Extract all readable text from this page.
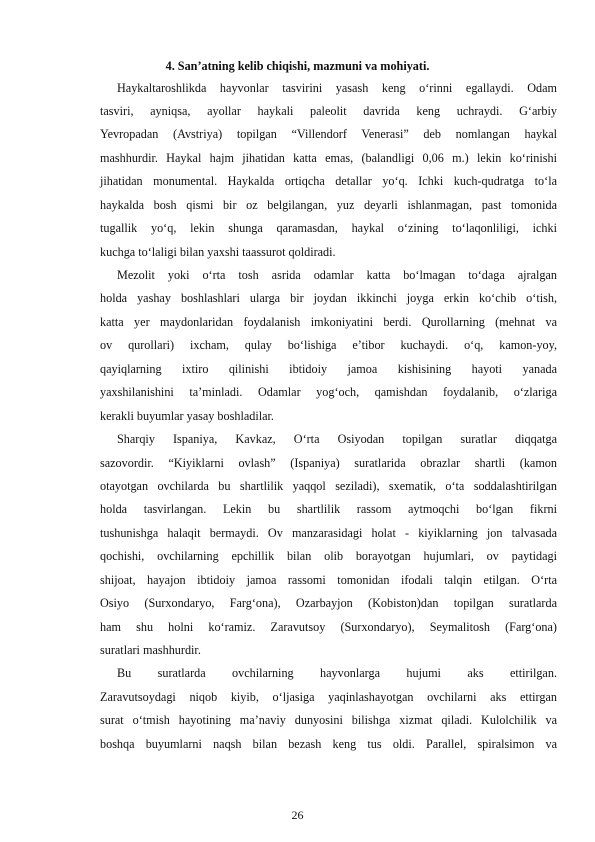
4. San’atning kelib chiqishi, mazmuni va mohiyati.
Haykaltaroshlikda hayvonlar tasvirini yasash keng o‘rinni egallaydi. Odam
tasviri, ayniqsa, ayollar haykali paleolit davrida keng uchraydi. G‘arbiy
Yevropadan (Avstriya) topilgan “Villendorf Venerasi” deb nomlangan haykal
mashhurdir. Haykal hajm jihatidan katta emas, (balandligi 0,06 m.) lekin ko‘rinishi
jihatidan monumental. Haykalda ortiqcha detallar yo‘q. Ichki kuch-qudratga to‘la
haykalda bosh qismi bir oz belgilangan, yuz deyarli ishlanmagan, past tomonida
tugallik yo‘q, lekin shunga qaramasdan, haykal o‘zining to‘laqonliligi, ichki
kuchga to‘laligi bilan yaxshi taassurot qoldiradi.
Mezolit yoki o‘rta tosh asrida odamlar katta bo‘lmagan to‘daga ajralgan
holda yashay boshlashlari ularga bir joydan ikkinchi joyga erkin ko‘chib o‘tish,
katta yer maydonlaridan foydalanish imkoniyatini berdi. Qurollarning (mehnat va
ov qurollari) ixcham, qulay bo‘lishiga e’tibor kuchaydi. o‘q, kamon-yoy,
qayiqlarning ixtiro qilinishi ibtidoiy jamoa kishisining hayoti yanada
yaxshilanishini ta’minladi. Odamlar yog‘och, qamishdan foydalanib, o‘zlariga
kerakli buyumlar yasay boshladilar.
Sharqiy Ispaniya, Kavkaz, O‘rta Osiyodan topilgan suratlar diqqatga
sazovordir. “Kiyiklarni ovlash” (Ispaniya) suratlarida obrazlar shartli (kamon
otayotgan ovchilarda bu shartlilik yaqqol seziladi), sxematik, o‘ta soddalashtirilgan
holda tasvirlangan. Lekin bu shartlilik rassom aytmoqchi bo‘lgan fikrni
tushunishga halaqit bermaydi. Ov manzarasidagi holat - kiyiklarning jon talvasada
qochishi, ovchilarning epchillik bilan olib borayotgan hujumlari, ov paytidagi
shijoat, hayajon ibtidoiy jamoa rassomi tomonidan ifodali talqin etilgan. O‘rta
Osiyo (Surxondaryo, Farg‘ona), Ozarbayjon (Kobiston)dan topilgan suratlarda
ham shu holni ko‘ramiz. Zaravutsoy (Surxondaryo), Seymalitosh (Farg‘ona)
suratlari mashhurdir.
Bu suratlarda ovchilarning hayvonlarga hujumi aks ettirilgan.
Zaravutsoydagi niqob kiyib, o‘ljasiga yaqinlashayotgan ovchilarni aks ettirgan
surat o‘tmish hayotining ma’naviy dunyosini bilishga xizmat qiladi. Kulolchilik va
boshqa buyumlarni naqsh bilan bezash keng tus oldi. Parallel, spiralsimon va
26
